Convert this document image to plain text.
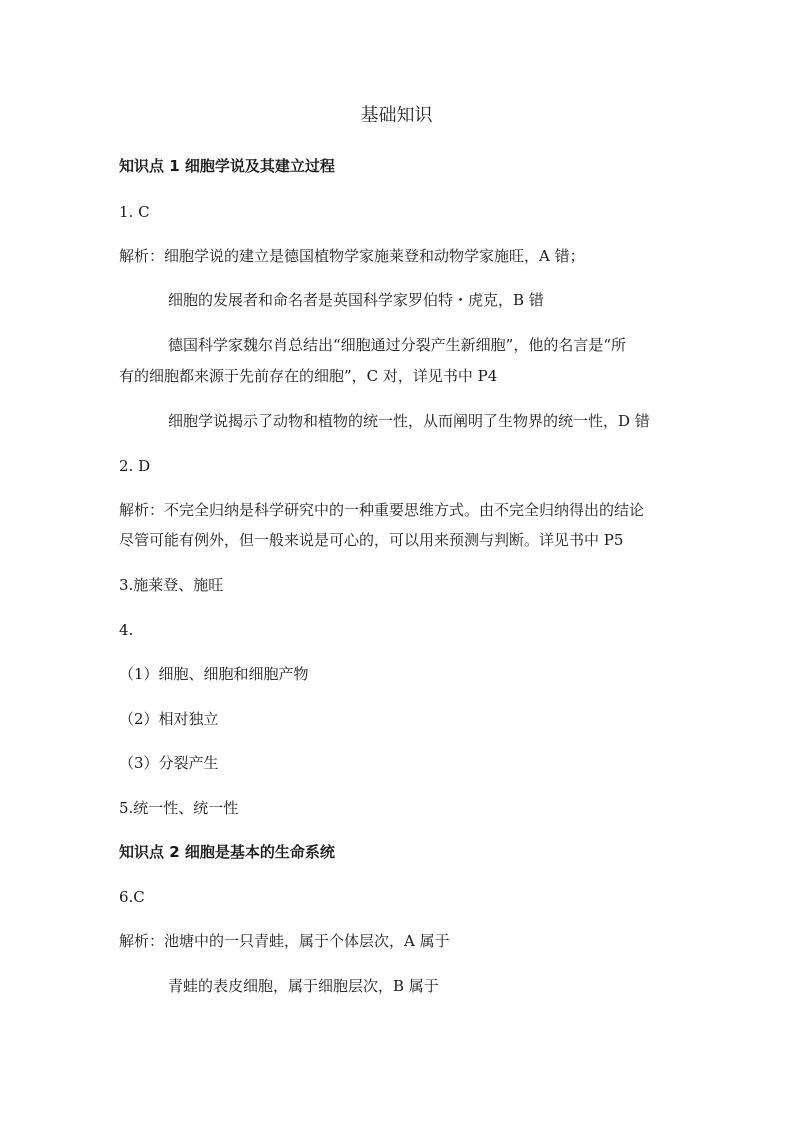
基础知识
知识点 1 细胞学说及其建立过程
1. C
解析：细胞学说的建立是德国植物学家施莱登和动物学家施旺，A 错；
细胞的发展者和命名者是英国科学家罗伯特・虎克，B 错
德国科学家魏尔肖总结出“细胞通过分裂产生新细胞”，他的名言是“所
有的细胞都来源于先前存在的细胞”，C 对，详见书中 P4
细胞学说揭示了动物和植物的统一性，从而阐明了生物界的统一性，D 错
2. D
解析：不完全归纳是科学研究中的一种重要思维方式。由不完全归纳得出的结论
尽管可能有例外，但一般来说是可心的，可以用来预测与判断。详见书中 P5
3.施莱登、施旺
4.
（1）细胞、细胞和细胞产物
（2）相对独立
（3）分裂产生
5.统一性、统一性
知识点 2 细胞是基本的生命系统
6.C
解析：池塘中的一只青蛙，属于个体层次，A 属于
青蛙的表皮细胞，属于细胞层次，B 属于
